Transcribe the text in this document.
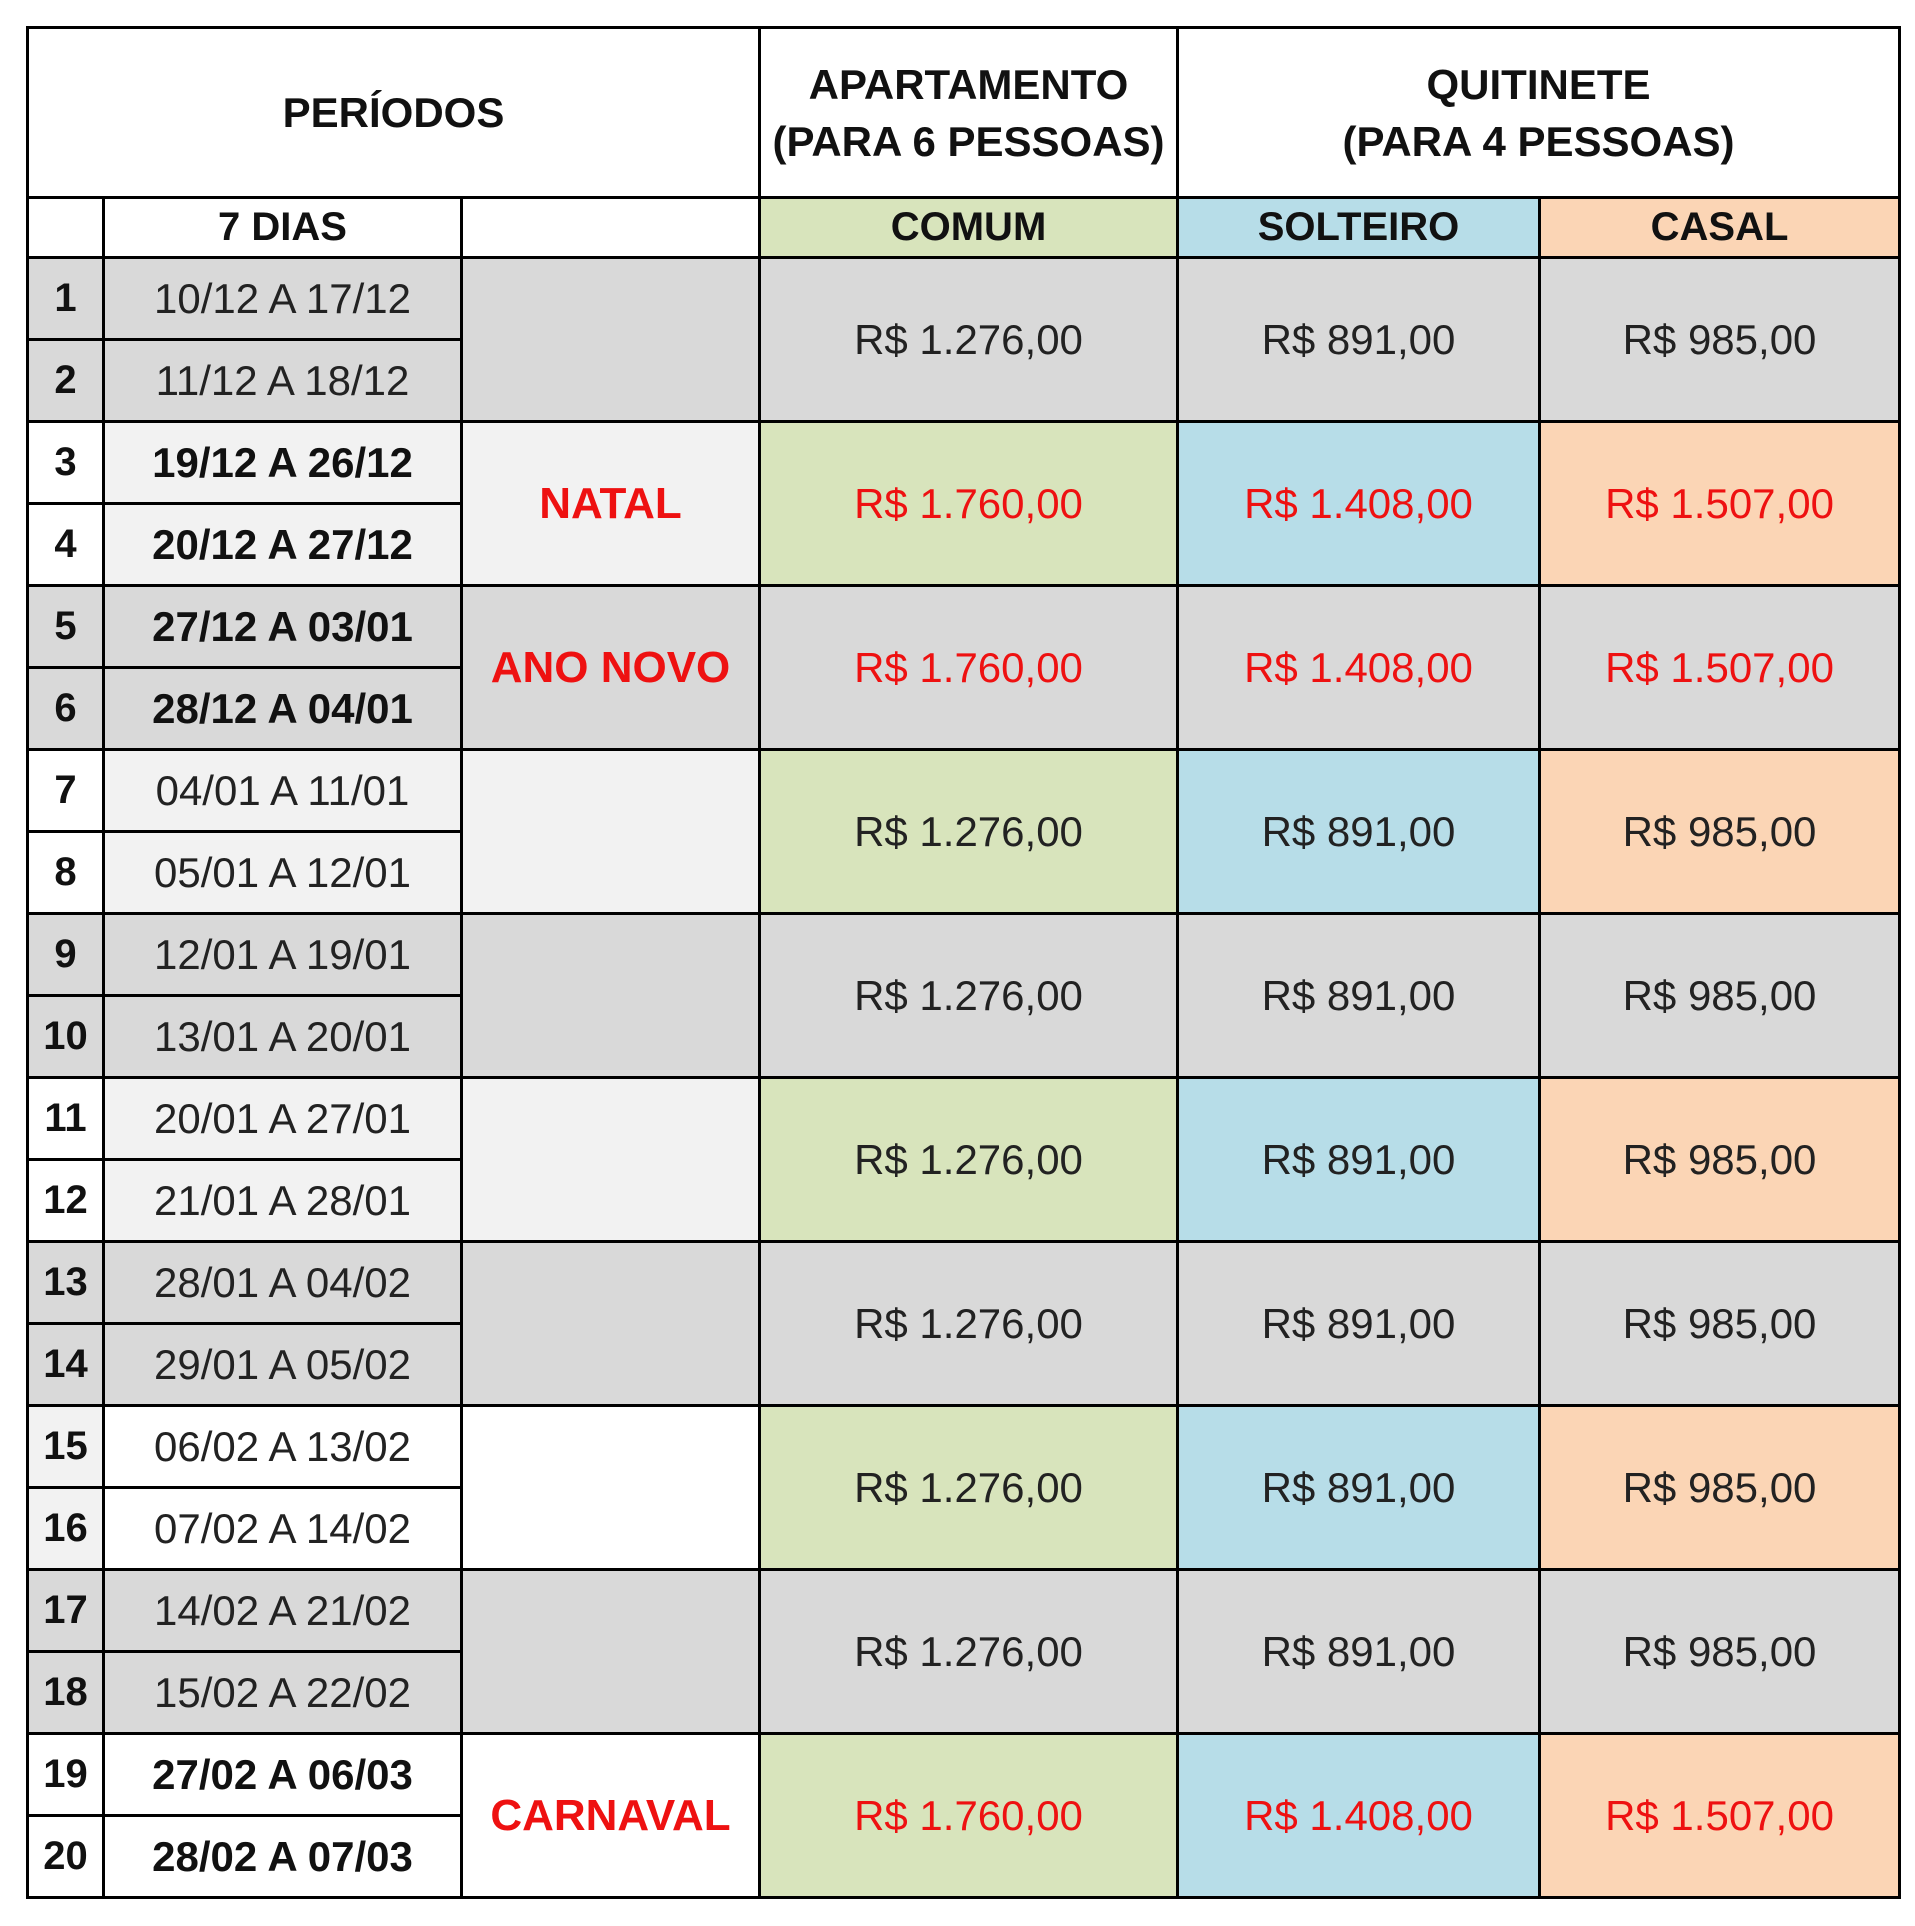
PERÍODOS			APARTAMENTO
(PARA 6 PESSOAS)	QUITINETE
(PARA 4 PESSOAS)	
	7 DIAS		COMUM	SOLTEIRO	CASAL
1	10/12 A 17/12		R$ 1.276,00	R$ 891,00	R$ 985,00
2	11/12 A 18/12				
3	19/12 A 26/12	NATAL	R$ 1.760,00	R$ 1.408,00	R$ 1.507,00
4	20/12 A 27/12				
5	27/12 A 03/01	ANO NOVO	R$ 1.760,00	R$ 1.408,00	R$ 1.507,00
6	28/12 A 04/01				
7	04/01 A 11/01		R$ 1.276,00	R$ 891,00	R$ 985,00
8	05/01 A 12/01				
9	12/01 A 19/01		R$ 1.276,00	R$ 891,00	R$ 985,00
10	13/01 A 20/01				
11	20/01 A 27/01		R$ 1.276,00	R$ 891,00	R$ 985,00
12	21/01 A 28/01				
13	28/01 A 04/02		R$ 1.276,00	R$ 891,00	R$ 985,00
14	29/01 A 05/02				
15	06/02 A 13/02		R$ 1.276,00	R$ 891,00	R$ 985,00
16	07/02 A 14/02				
17	14/02 A 21/02		R$ 1.276,00	R$ 891,00	R$ 985,00
18	15/02 A 22/02				
19	27/02 A 06/03	CARNAVAL	R$ 1.760,00	R$ 1.408,00	R$ 1.507,00
20	28/02 A 07/03				
